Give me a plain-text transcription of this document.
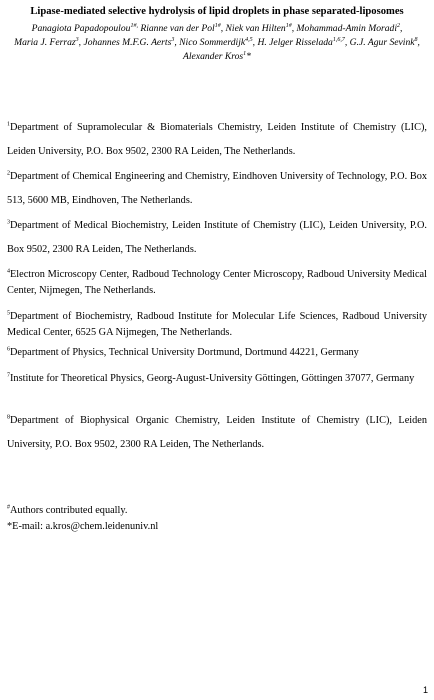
Lipase-mediated selective hydrolysis of lipid droplets in phase separated-liposomes
Panagiota Papadopoulou$^{1\#,}$ Rianne van der Pol$^{1\#}$, Niek van Hilten$^{1\#}$, Mohammad-Amin Moradi$^2$, Maria J. Ferraz$^3$, Johannes M.F.G. Aerts$^3$, Nico Sommerdijk$^{4,5}$, H. Jelger Risselada$^{1,6,7}$, G.J. Agur Sevink$^8$, Alexander Kros$^1$*

$^1$Department of Supramolecular & Biomaterials Chemistry, Leiden Institute of Chemistry (LIC), Leiden University, P.O. Box 9502, 2300 RA Leiden, The Netherlands.

$^2$Department of Chemical Engineering and Chemistry, Eindhoven University of Technology, P.O. Box 513, 5600 MB, Eindhoven, The Netherlands.

$^3$Department of Medical Biochemistry, Leiden Institute of Chemistry (LIC), Leiden University, P.O. Box 9502, 2300 RA Leiden, The Netherlands.

$^4$Electron Microscopy Center, Radboud Technology Center Microscopy, Radboud University Medical Center, Nijmegen, The Netherlands.

$^5$Department of Biochemistry, Radboud Institute for Molecular Life Sciences, Radboud University Medical Center, 6525 GA Nijmegen, The Netherlands.

$^6$Department of Physics, Technical University Dortmund, Dortmund 44221, Germany

$^7$Institute for Theoretical Physics, Georg-August-University Göttingen, Göttingen 37077, Germany

$^8$Department of Biophysical Organic Chemistry, Leiden Institute of Chemistry (LIC), Leiden University, P.O. Box 9502, 2300 RA Leiden, The Netherlands.

#Authors contributed equally.

*E-mail: a.kros@chem.leidenuniv.nl

1
